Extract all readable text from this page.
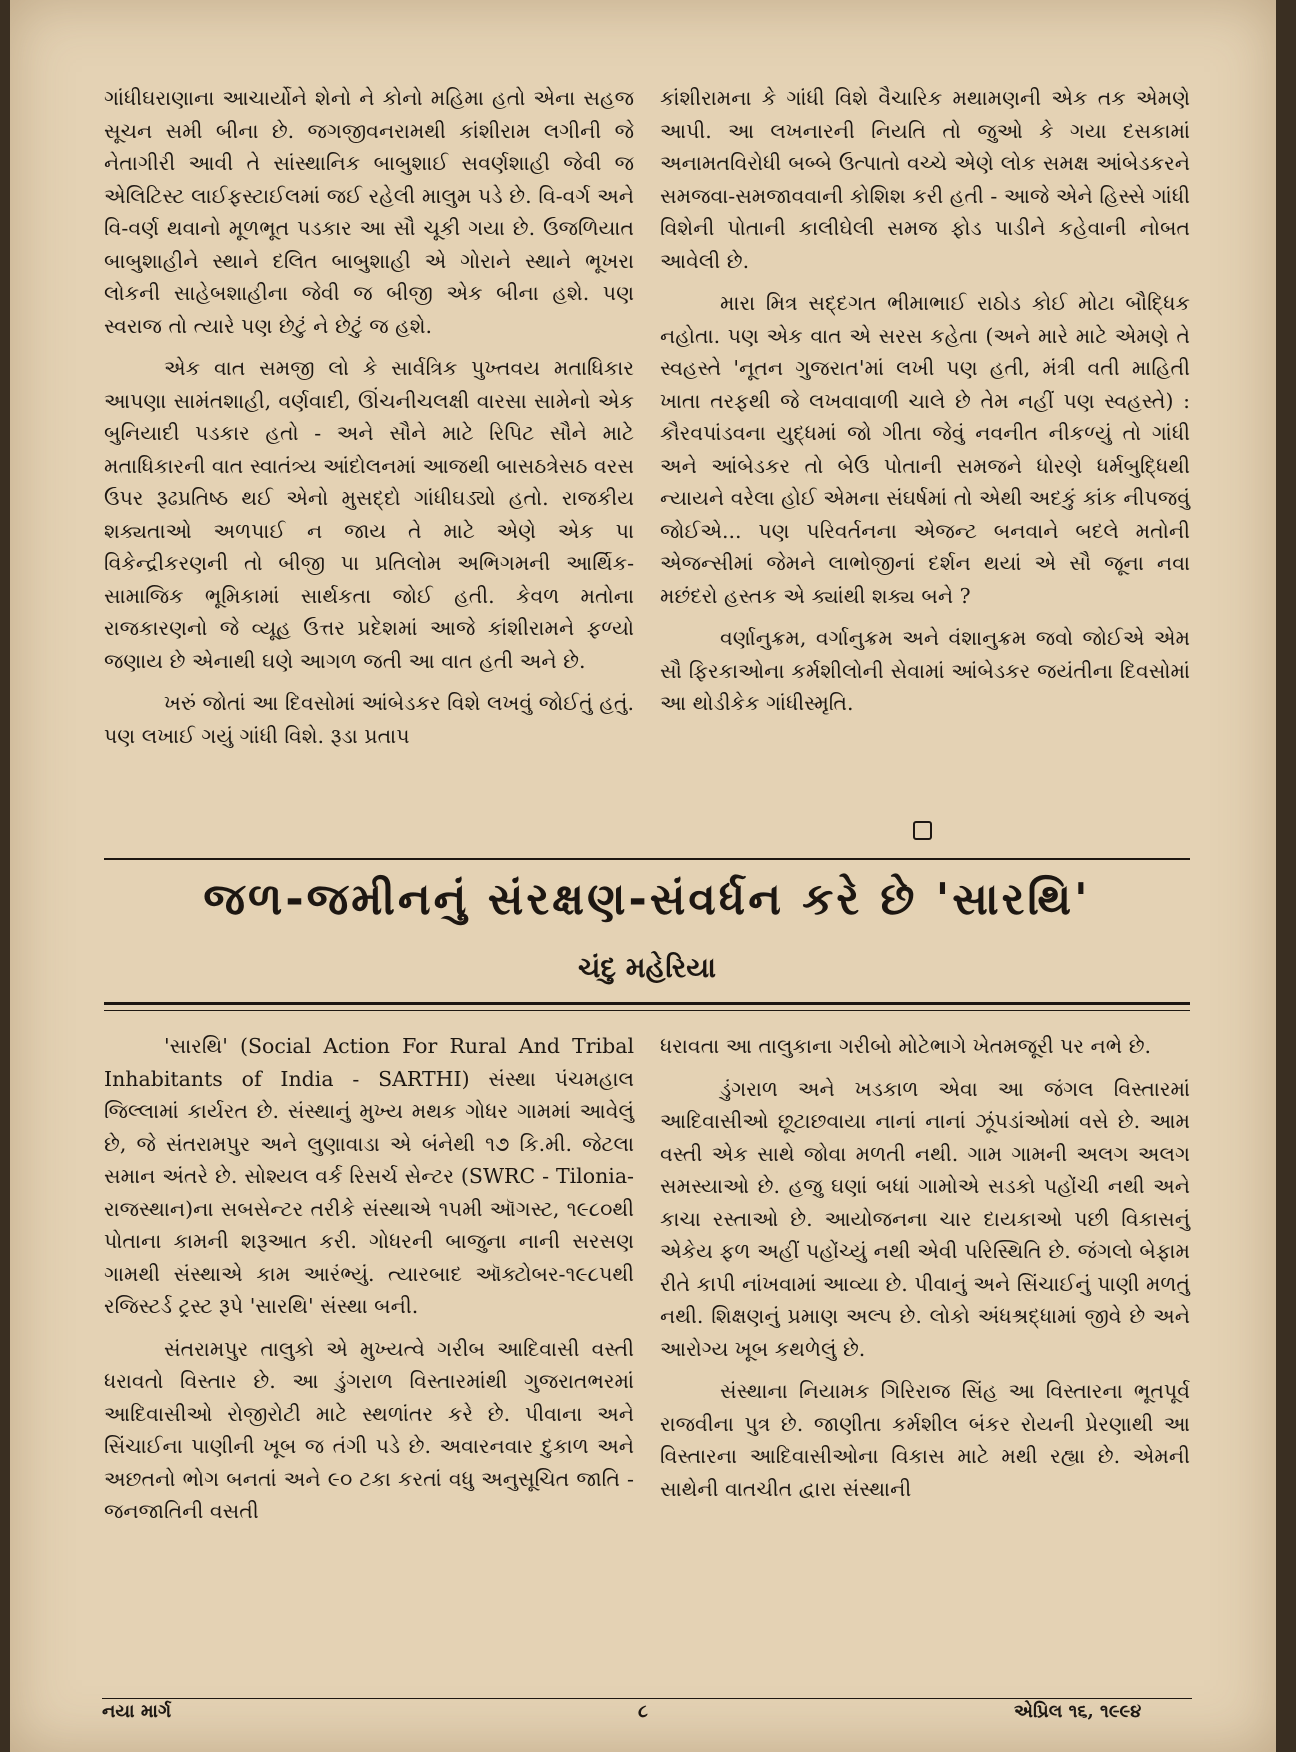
ગાંધીઘરાણાના આચાર્યોને શેનો ને કોનો મહિમા હતો એના સહજ સૂચન સમી બીના છે. જગજીવનરામથી કાંશીરામ લગીની જે નેતાગીરી આવી તે સાંસ્થાનિક બાબુશાઈ સવર્ણશાહી જેવી જ એલિટિસ્ટ લાઈફસ્ટાઈલમાં જઈ રહેલી માલુમ પડે છે. વિ-વર્ગ અને વિ-વર્ણ થવાનો મૂળભૂત પડકાર આ સૌ ચૂકી ગયા છે. ઉજળિયાત બાબુશાહીને સ્થાને દલિત બાબુશાહી એ ગોરાને સ્થાને ભૂખરા લોકની સાહેબશાહીના જેવી જ બીજી એક બીના હશે. પણ સ્વરાજ તો ત્યારે પણ છેટું ને છેટું જ હશે.

એક વાત સમજી લો કે સાર્વત્રિક પુખ્તવય મતાધિકાર આપણા સામંતશાહી, વર્ણવાદી, ઊંચનીચલક્ષી વારસા સામેનો એક બુનિયાદી પડકાર હતો - અને સૌને માટે રિપિટ સૌને માટે મતાધિકારની વાત સ્વાતંત્ર્ય આંદોલનમાં આજથી બાસઠત્રેસઠ વરસ ઉપર રૂઢપ્રતિષ્ઠ થઈ એનો મુસદ્દો ગાંધીઘડ્યો હતો. રાજકીય શક્યતાઓ અળપાઈ ન જાય તે માટે એણે એક પા વિકેન્દ્રીકરણની તો બીજી પા પ્રતિલોમ અભિગમની આર્થિક-સામાજિક ભૂમિકામાં સાર્થકતા જોઈ હતી. કેવળ મતોના રાજકારણનો જે વ્યૂહ ઉત્તર પ્રદેશમાં આજે કાંશીરામને ફળ્યો જણાય છે એનાથી ઘણે આગળ જતી આ વાત હતી અને છે.

ખરું જોતાં આ દિવસોમાં આંબેડકર વિશે લખવું જોઈતું હતું. પણ લખાઈ ગયું ગાંધી વિશે. રૂડા પ્રતાપ

કાંશીરામના કે ગાંધી વિશે વૈચારિક મથામણની એક તક એમણે આપી. આ લખનારની નિયતિ તો જુઓ કે ગયા દસકામાં અનામતવિરોધી બબ્બે ઉત્પાતો વચ્ચે એણે લોક સમક્ષ આંબેડકરને સમજવા-સમજાવવાની કોશિશ કરી હતી - આજે એને હિસ્સે ગાંધી વિશેની પોતાની કાલીઘેલી સમજ ફોડ પાડીને કહેવાની નોબત આવેલી છે.

મારા મિત્ર સદ્દગત ભીમાભાઈ રાઠોડ કોઈ મોટા બૌદ્ધિક નહોતા. પણ એક વાત એ સરસ કહેતા (અને મારે માટે એમણે તે સ્વહસ્તે 'નૂતન ગુજરાત'માં લખી પણ હતી, મંત્રી વતી માહિતી ખાતા તરફથી જે લખવાવાળી ચાલે છે તેમ નહીં પણ સ્વહસ્તે) : કૌરવપાંડવના યુદ્ધમાં જો ગીતા જેવું નવનીત નીકળ્યું તો ગાંધી અને આંબેડકર તો બેઉ પોતાની સમજને ધોરણે ધર્મબુદ્ધિથી ન્યાયને વરેલા હોઈ એમના સંઘર્ષમાં તો એથી અદકું કાંક નીપજવું જોઈએ... પણ પરિવર્તનના એજન્ટ બનવાને બદલે મતોની એજન્સીમાં જેમને લાભોજીનાં દર્શન થયાં એ સૌ જૂના નવા મછંદરો હસ્તક એ ક્યાંથી શક્ય બને ?

વર્ણાનુક્રમ, વર્ગાનુક્રમ અને વંશાનુક્રમ જવો જોઈએ એમ સૌ ફિરકાઓના કર્મશીલોની સેવામાં આંબેડકર જયંતીના દિવસોમાં આ થોડીકેક ગાંધીસ્મૃતિ.

જળ-જમીનનું સંરક્ષણ-સંવર્ધન કરે છે 'સારથિ'
ચંદુ મહેરિયા

'સારથિ' (Social Action For Rural And Tribal Inhabitants of India - SARTHI) સંસ્થા પંચમહાલ જિલ્લામાં કાર્યરત છે. સંસ્થાનું મુખ્ય મથક ગોધર ગામમાં આવેલું છે, જે સંતરામપુર અને લુણાવાડા એ બંનેથી ૧૭ કિ.મી. જેટલા સમાન અંતરે છે. સોશ્યલ વર્ક રિસર્ચ સેન્ટર (SWRC - Tilonia- રાજસ્થાન)ના સબસેન્ટર તરીકે સંસ્થાએ ૧૫મી ઑગસ્ટ, ૧૯૮૦થી પોતાના કામની શરૂઆત કરી. ગોધરની બાજુના નાની સરસણ ગામથી સંસ્થાએ કામ આરંભ્યું. ત્યારબાદ ઑક્ટોબર-૧૯૮૫થી રજિસ્ટર્ડ ટ્રસ્ટ રૂપે 'સારથિ' સંસ્થા બની.

સંતરામપુર તાલુકો એ મુખ્યત્વે ગરીબ આદિવાસી વસ્તી ધરાવતો વિસ્તાર છે. આ ડુંગરાળ વિસ્તારમાંથી ગુજરાતભરમાં આદિવાસીઓ રોજીરોટી માટે સ્થળાંતર કરે છે. પીવાના અને સિંચાઈના પાણીની ખૂબ જ તંગી પડે છે. અવારનવાર દુકાળ અને અછતનો ભોગ બનતાં અને ૯૦ ટકા કરતાં વધુ અનુસૂચિત જાતિ - જનજાતિની વસતી

ધરાવતા આ તાલુકાના ગરીબો મોટેભાગે ખેતમજૂરી પર નભે છે.

ડુંગરાળ અને ખડકાળ એવા આ જંગલ વિસ્તારમાં આદિવાસીઓ છૂટાછવાયા નાનાં નાનાં ઝૂંપડાંઓમાં વસે છે. આમ વસ્તી એક સાથે જોવા મળતી નથી. ગામ ગામની અલગ અલગ સમસ્યાઓ છે. હજુ ઘણાં બધાં ગામોએ સડકો પહોંચી નથી અને કાચા રસ્તાઓ છે. આયોજનના ચાર દાયકાઓ પછી વિકાસનું એકેય ફળ અહીં પહોંચ્યું નથી એવી પરિસ્થિતિ છે. જંગલો બેફામ રીતે કાપી નાંખવામાં આવ્યા છે. પીવાનું અને સિંચાઈનું પાણી મળતું નથી. શિક્ષણનું પ્રમાણ અલ્પ છે. લોકો અંધશ્રદ્ધામાં જીવે છે અને આરોગ્ય ખૂબ કથળેલું છે.

સંસ્થાના નિયામક ગિરિરાજ સિંહ આ વિસ્તારના ભૂતપૂર્વ રાજવીના પુત્ર છે. જાણીતા કર્મશીલ બંકર રોયની પ્રેરણાથી આ વિસ્તારના આદિવાસીઓના વિકાસ માટે મથી રહ્યા છે. એમની સાથેની વાતચીત દ્વારા સંસ્થાની

નયા માર્ગ	૮	એપ્રિલ ૧૬, ૧૯૯૪
